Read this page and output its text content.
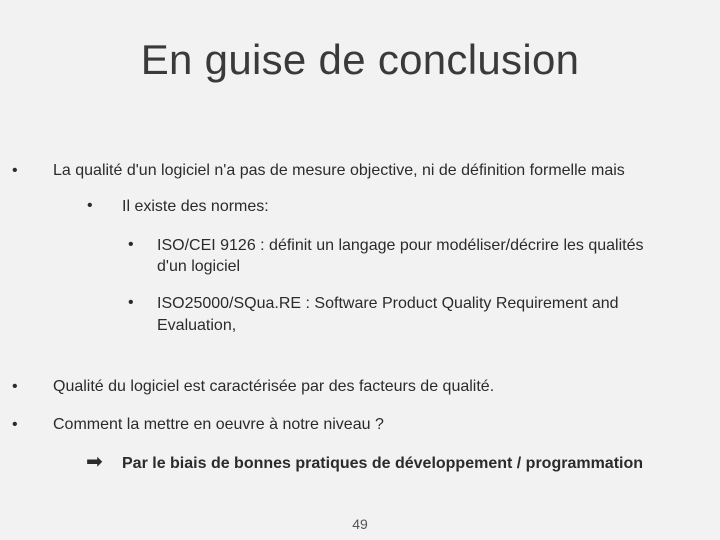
En guise de conclusion
• La qualité d'un logiciel n'a pas de mesure objective, ni de définition formelle mais
• Il existe des normes:
• ISO/CEI 9126 : définit un langage pour modéliser/décrire les qualités
d'un logiciel
• ISO25000/SQua.RE : Software Product Quality Requirement and
Evaluation,
• Qualité du logiciel est caractérisée par des facteurs de qualité.
• Comment la mettre en oeuvre à notre niveau ?
➡ Par le biais de bonnes pratiques de développement / programmation
49
